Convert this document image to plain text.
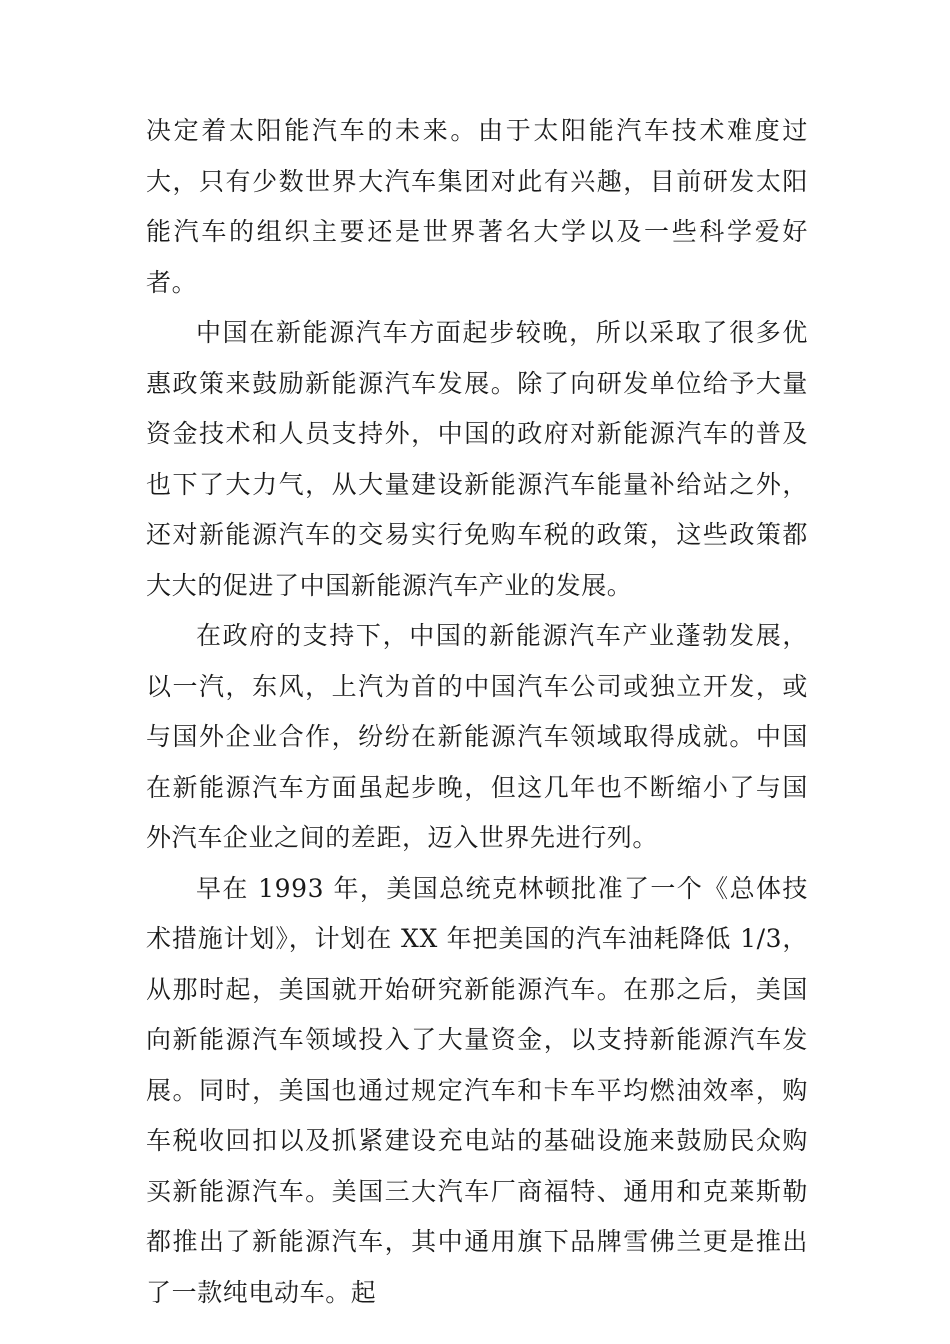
决定着太阳能汽车的未来。由于太阳能汽车技术难度过大，只有少数世界大汽车集团对此有兴趣，目前研发太阳能汽车的组织主要还是世界著名大学以及一些科学爱好者。

中国在新能源汽车方面起步较晚，所以采取了很多优惠政策来鼓励新能源汽车发展。除了向研发单位给予大量资金技术和人员支持外，中国的政府对新能源汽车的普及也下了大力气，从大量建设新能源汽车能量补给站之外，还对新能源汽车的交易实行免购车税的政策，这些政策都大大的促进了中国新能源汽车产业的发展。

在政府的支持下，中国的新能源汽车产业蓬勃发展，以一汽，东风，上汽为首的中国汽车公司或独立开发，或与国外企业合作，纷纷在新能源汽车领域取得成就。中国在新能源汽车方面虽起步晚，但这几年也不断缩小了与国外汽车企业之间的差距，迈入世界先进行列。

早在 1993 年，美国总统克林顿批准了一个《总体技术措施计划》，计划在 XX 年把美国的汽车油耗降低 1/3，从那时起，美国就开始研究新能源汽车。在那之后，美国向新能源汽车领域投入了大量资金，以支持新能源汽车发展。同时，美国也通过规定汽车和卡车平均燃油效率，购车税收回扣以及抓紧建设充电站的基础设施来鼓励民众购买新能源汽车。美国三大汽车厂商福特、通用和克莱斯勒都推出了新能源汽车，其中通用旗下品牌雪佛兰更是推出了一款纯电动车。起
